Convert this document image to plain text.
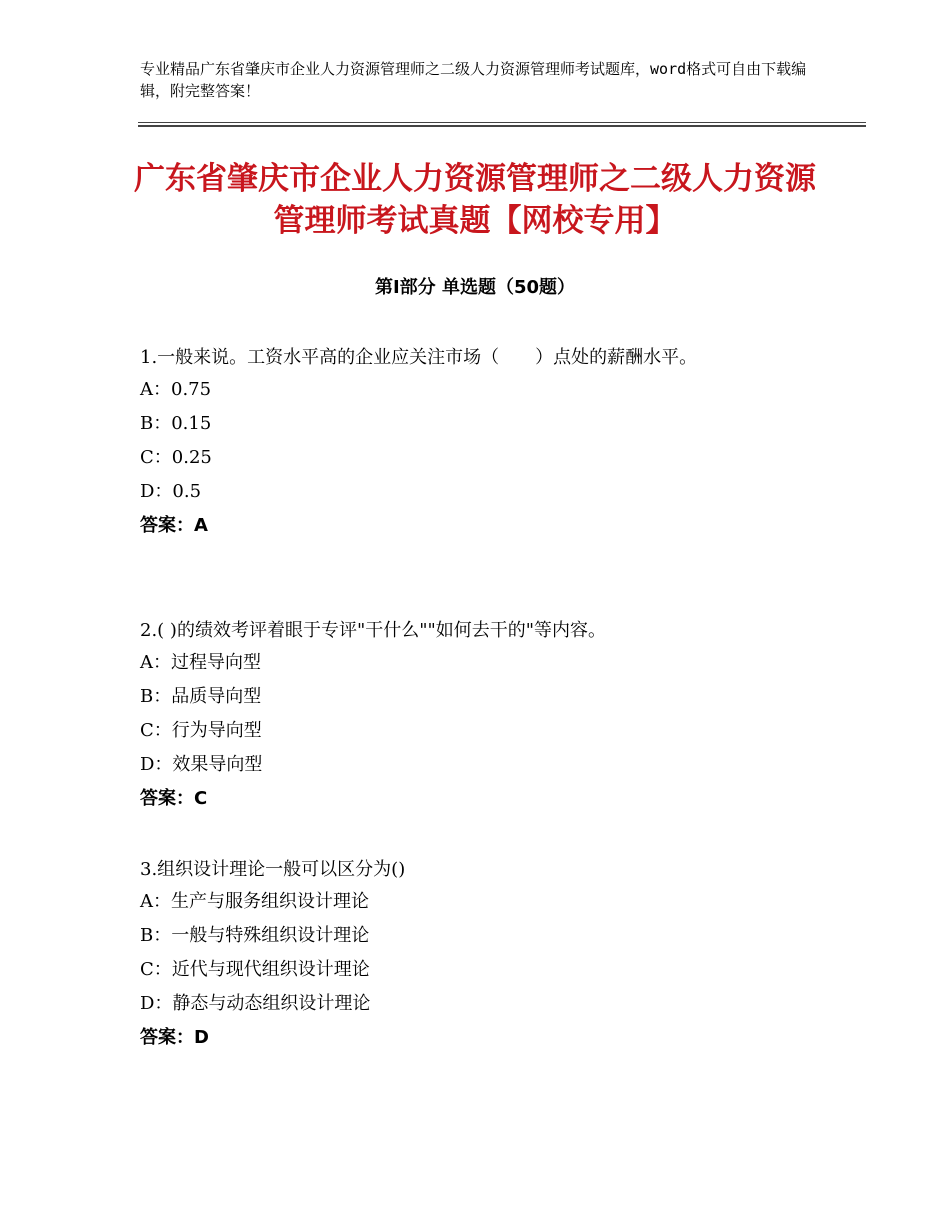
专业精品广东省肇庆市企业人力资源管理师之二级人力资源管理师考试题库，word格式可自由下载编辑，附完整答案！
广东省肇庆市企业人力资源管理师之二级人力资源管理师考试真题【网校专用】
第Ⅰ部分 单选题（50题）

1.一般来说。工资水平高的企业应关注市场（　　）点处的薪酬水平。

A：0.75

B：0.15

C：0.25

D：0.5

答案：A

2.( )的绩效考评着眼于专评"干什么""如何去干的"等内容。

A：过程导向型

B：品质导向型

C：行为导向型

D：效果导向型

答案：C

3.组织设计理论一般可以区分为()

A：生产与服务组织设计理论

B：一般与特殊组织设计理论

C：近代与现代组织设计理论

D：静态与动态组织设计理论

答案：D
